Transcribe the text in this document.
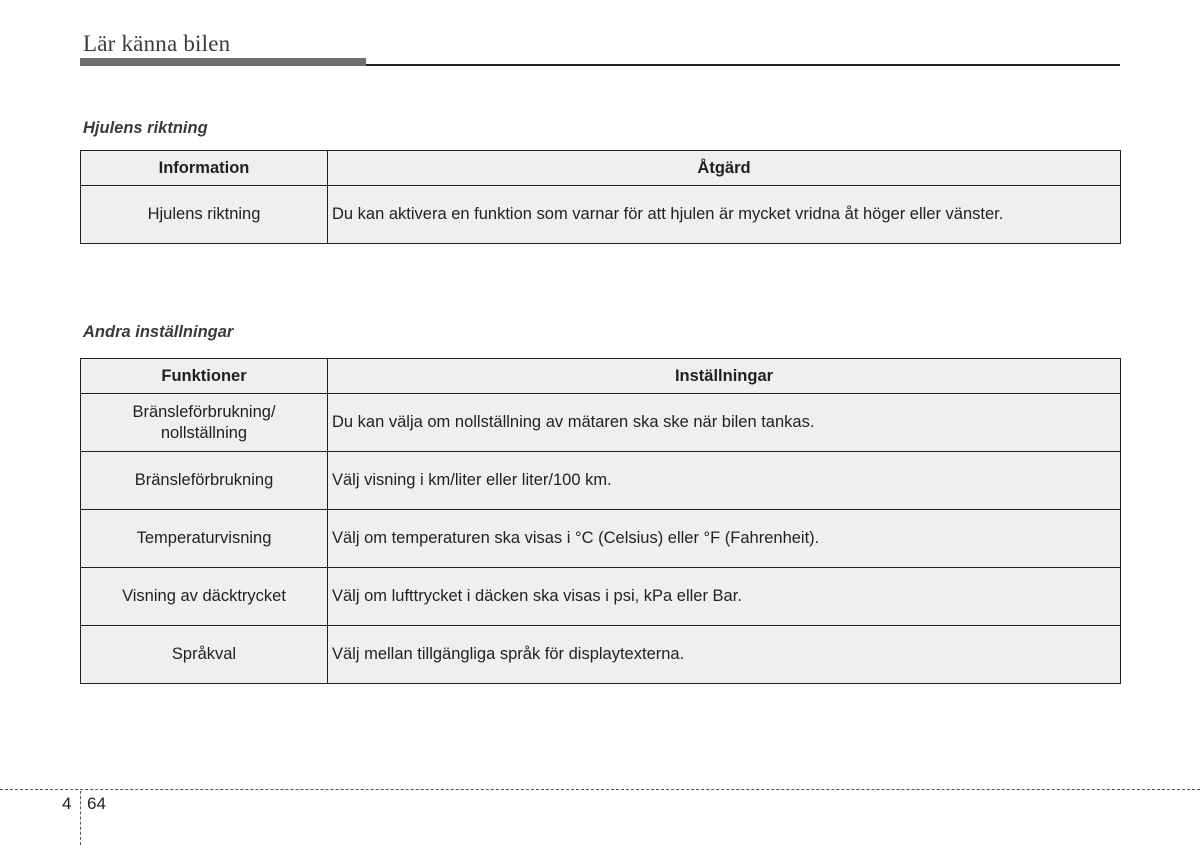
Lär känna bilen
Hjulens riktning
Information	Åtgärd
Hjulens riktning	Du kan aktivera en funktion som varnar för att hjulen är mycket vridna åt höger eller vänster.
Andra inställningar
Funktioner	Inställningar
Bränsleförbrukning/
nollställning	Du kan välja om nollställning av mätaren ska ske när bilen tankas.
Bränsleförbrukning	Välj visning i km/liter eller liter/100 km.
Temperaturvisning	Välj om temperaturen ska visas i °C (Celsius) eller °F (Fahrenheit).
Visning av däcktrycket	Välj om lufttrycket i däcken ska visas i psi, kPa eller Bar.
Språkval	Välj mellan tillgängliga språk för displaytexterna.
4 64
